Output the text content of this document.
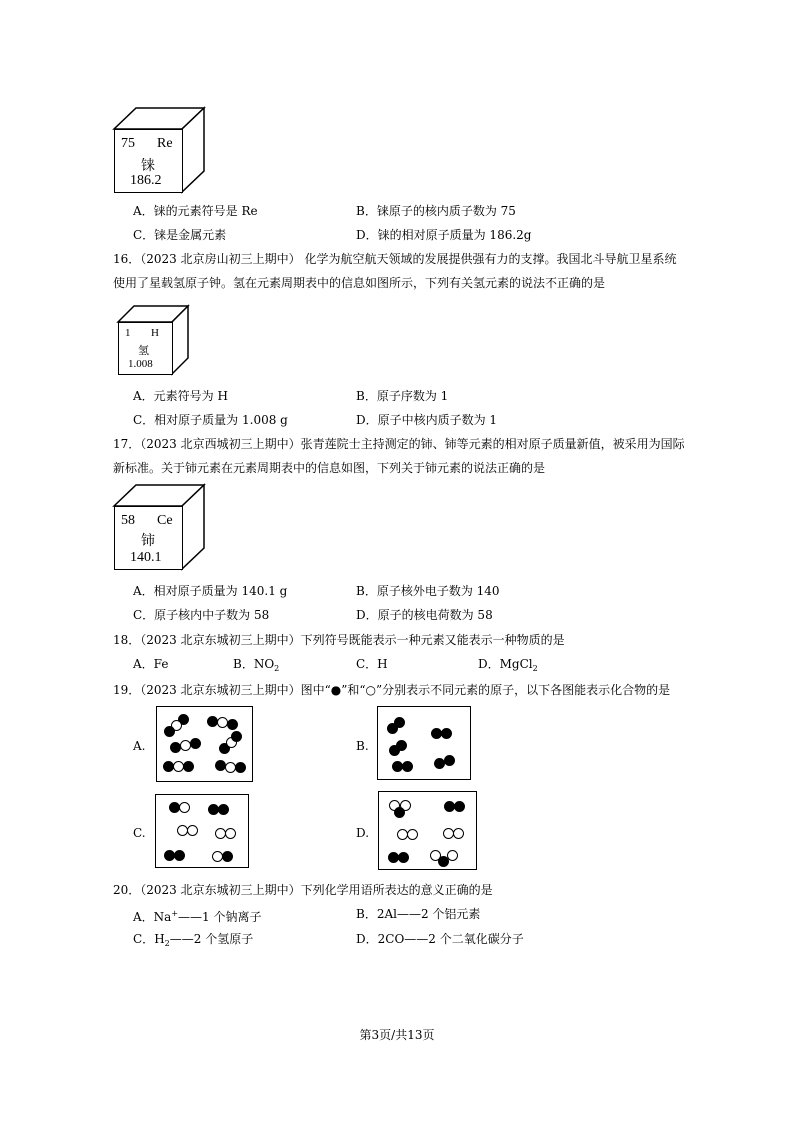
75 Re
铼
186.2
A．铼的元素符号是 Re	B．铼原子的核内质子数为 75
C．铼是金属元素	D．铼的相对原子质量为 186.2g
16．（2023 北京房山初三上期中） 化学为航空航天领域的发展提供强有力的支撑。我国北斗导航卫星系统
使用了星载氢原子钟。氢在元素周期表中的信息如图所示，下列有关氢元素的说法不正确的是
1 H
氢
1.008
A．元素符号为 H	B．原子序数为 1
C．相对原子质量为 1.008 g	D．原子中核内质子数为 1
17．（2023 北京西城初三上期中）张青莲院士主持测定的铈、铈等元素的相对原子质量新值，被采用为国际
新标准。关于铈元素在元素周期表中的信息如图，下列关于铈元素的说法正确的是
58 Ce
铈
140.1
A．相对原子质量为 140.1 g	B．原子核外电子数为 140
C．原子核内中子数为 58	D．原子的核电荷数为 58
18．（2023 北京东城初三上期中）下列符号既能表示一种元素又能表示一种物质的是
A．Fe	B．$NO_2$	C．H	D．MgCl$_2$
19．（2023 北京东城初三上期中）图中“●”和“○”分别表示不同元素的原子，以下各图能表示化合物的是
A.	B.
C.	D.
20．（2023 北京东城初三上期中）下列化学用语所表达的意义正确的是
A．Na+——1 个钠离子	B．2Al——2 个铝元素
C．$H_2——2$ 个氢原子	D．2CO——2 个二氧化碳分子
第3页/共13页
